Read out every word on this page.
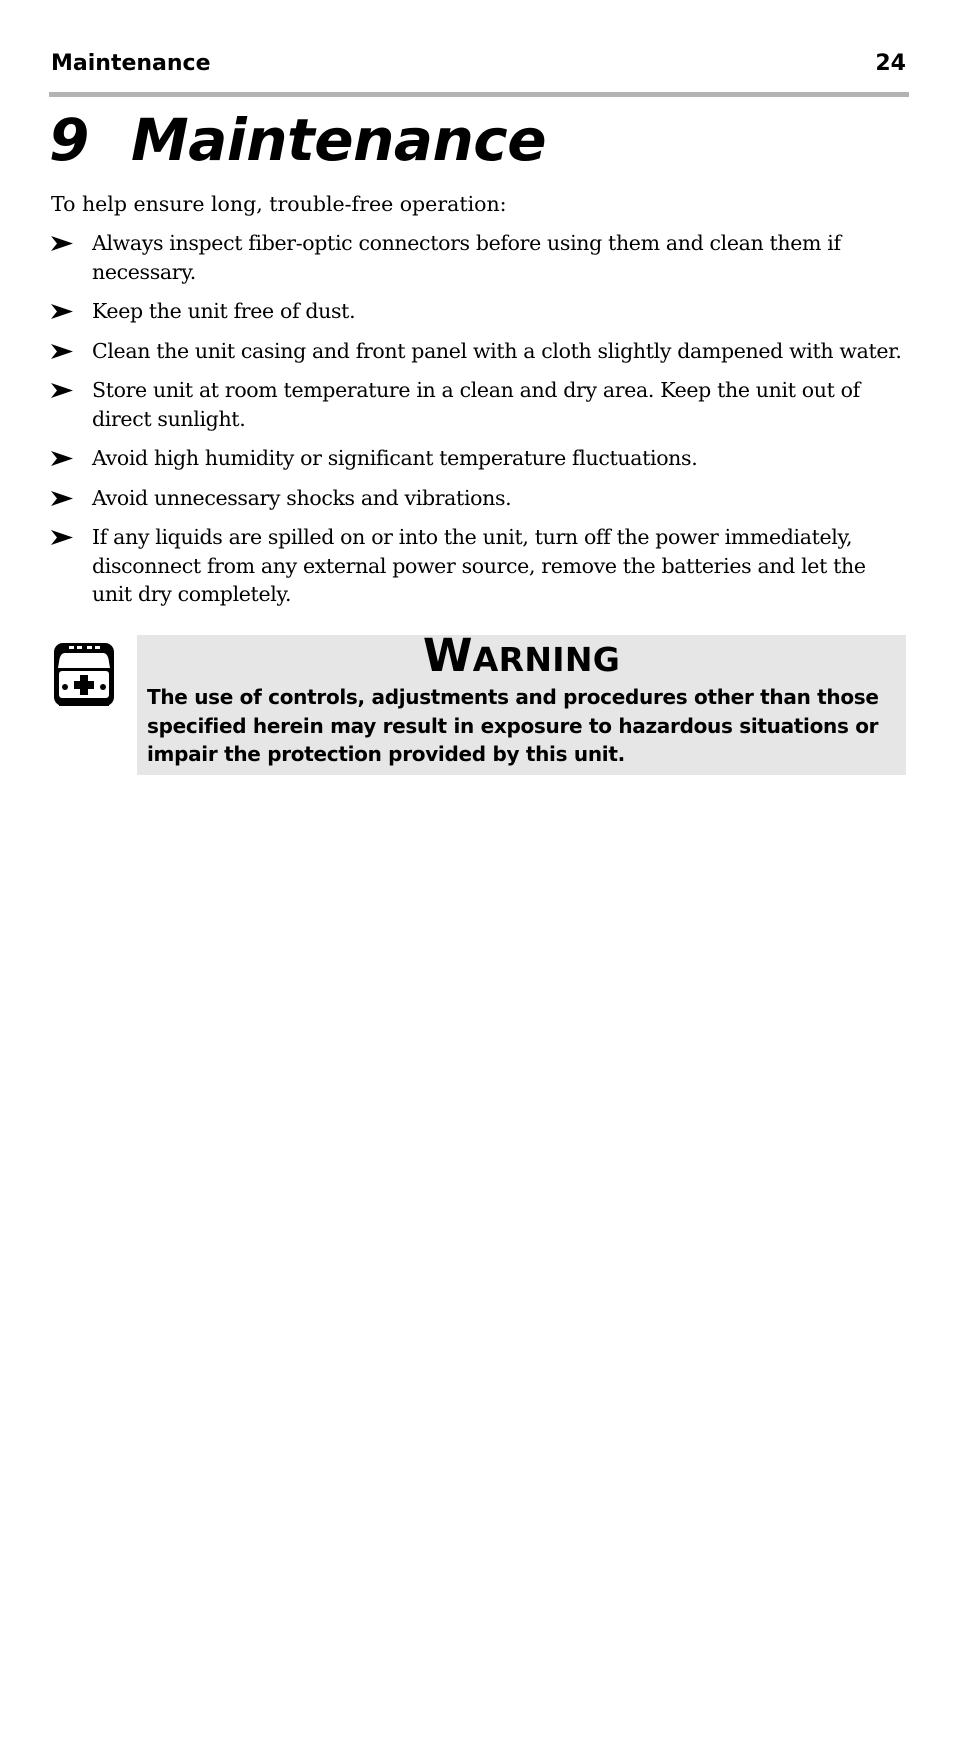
Maintenance	24
9 Maintenance

To help ensure long, trouble-free operation:

Always inspect fiber-optic connectors before using them and clean them if necessary.
Keep the unit free of dust.
Clean the unit casing and front panel with a cloth slightly dampened with water.
Store unit at room temperature in a clean and dry area. Keep the unit out of direct sunlight.
Avoid high humidity or significant temperature fluctuations.
Avoid unnecessary shocks and vibrations.
If any liquids are spilled on or into the unit, turn off the power immediately, disconnect from any external power source, remove the batteries and let the unit dry completely.

WARNING

The use of controls, adjustments and procedures other than those specified herein may result in exposure to hazardous situations or impair the protection provided by this unit.
